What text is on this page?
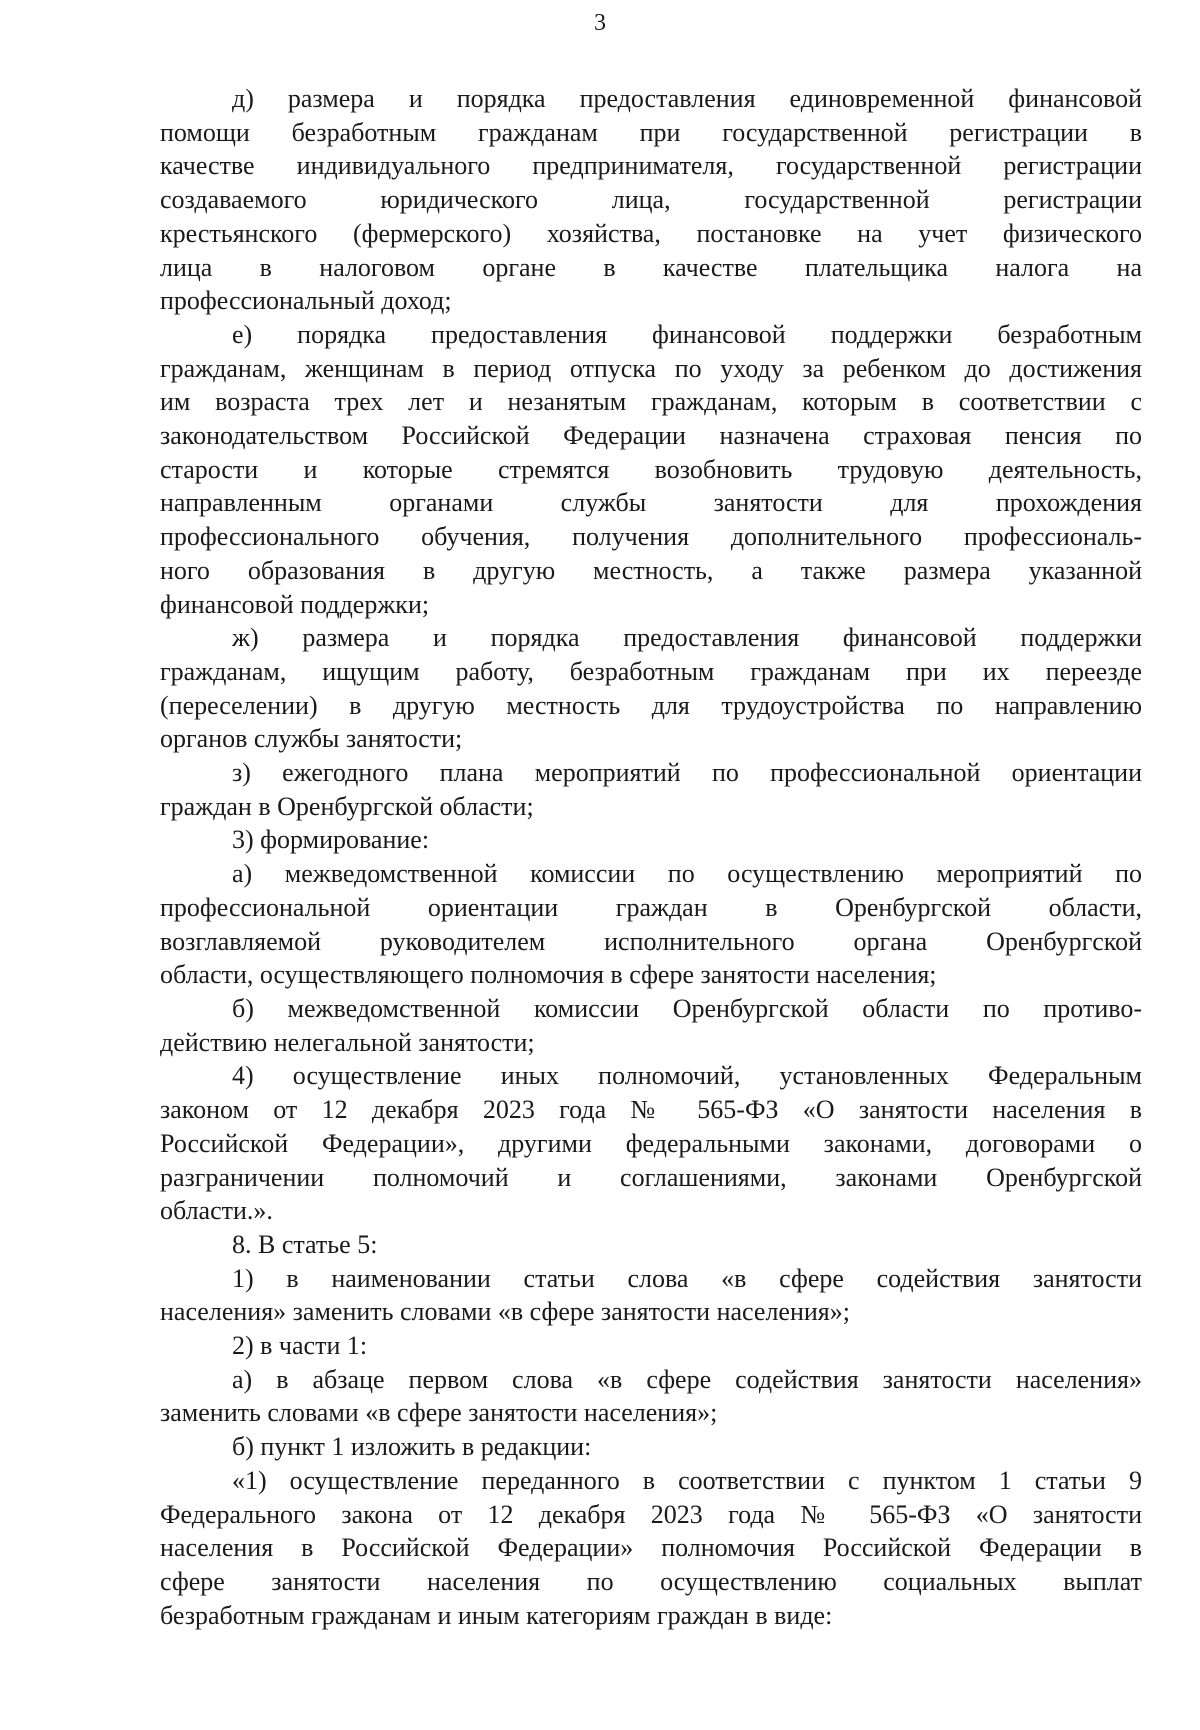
3
д) размера и порядка предоставления единовременной финансовой
помощи безработным гражданам при государственной регистрации в
качестве индивидуального предпринимателя, государственной регистрации
создаваемого юридического лица, государственной регистрации
крестьянского (фермерского) хозяйства, постановке на учет физического
лица в налоговом органе в качестве плательщика налога на
профессиональный доход;
е) порядка предоставления финансовой поддержки безработным
гражданам, женщинам в период отпуска по уходу за ребенком до достижения
им возраста трех лет и незанятым гражданам, которым в соответствии с
законодательством Российской Федерации назначена страховая пенсия по
старости и которые стремятся возобновить трудовую деятельность,
направленным органами службы занятости для прохождения
профессионального обучения, получения дополнительного профессиональ-
ного образования в другую местность, а также размера указанной
финансовой поддержки;
ж) размера и порядка предоставления финансовой поддержки
гражданам, ищущим работу, безработным гражданам при их переезде
(переселении) в другую местность для трудоустройства по направлению
органов службы занятости;
з) ежегодного плана мероприятий по профессиональной ориентации
граждан в Оренбургской области;
3) формирование:
а) межведомственной комиссии по осуществлению мероприятий по
профессиональной ориентации граждан в Оренбургской области,
возглавляемой руководителем исполнительного органа Оренбургской
области, осуществляющего полномочия в сфере занятости населения;
б) межведомственной комиссии Оренбургской области по противо-
действию нелегальной занятости;
4) осуществление иных полномочий, установленных Федеральным
законом от 12 декабря 2023 года № 565-ФЗ «О занятости населения в
Российской Федерации», другими федеральными законами, договорами о
разграничении полномочий и соглашениями, законами Оренбургской
области.».
8. В статье 5:
1) в наименовании статьи слова «в сфере содействия занятости
населения» заменить словами «в сфере занятости населения»;
2) в части 1:
а) в абзаце первом слова «в сфере содействия занятости населения»
заменить словами «в сфере занятости населения»;
б) пункт 1 изложить в редакции:
«1) осуществление переданного в соответствии с пунктом 1 статьи 9
Федерального закона от 12 декабря 2023 года № 565-ФЗ «О занятости
населения в Российской Федерации» полномочия Российской Федерации в
сфере занятости населения по осуществлению социальных выплат
безработным гражданам и иным категориям граждан в виде:
